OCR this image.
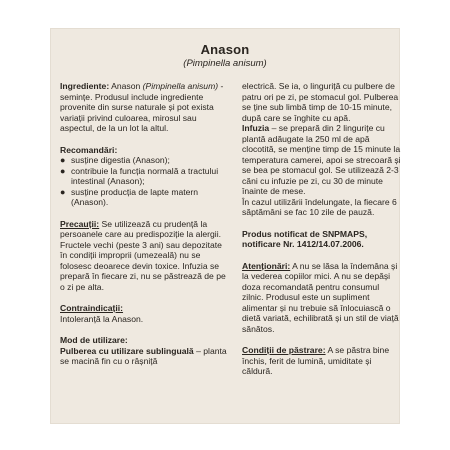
Anason
(Pimpinella anisum)

Ingrediente: Anason (Pimpinella anisum) - semințe. Produsul include ingrediente provenite din surse naturale și pot exista variații privind culoarea, mirosul sau aspectul, de la un lot la altul.

Recomandări:

● susține digestia (Anason);
● contribuie la funcția normală a tractului intestinal (Anason);
● susține producția de lapte matern (Anason).

Precauții: Se utilizează cu prudență la persoanele care au predispoziție la alergii. Fructele vechi (peste 3 ani) sau depozitate în condiții improprii (umezeală) nu se folosesc deoarece devin toxice. Infuzia se prepară în fiecare zi, nu se păstrează de pe o zi pe alta.

Contraindicații:

Intoleranță la Anason.

Mod de utilizare:

Pulberea cu utilizare sublinguală – planta se macină fin cu o râșniță

electrică. Se ia, o linguriță cu pulbere de patru ori pe zi, pe stomacul gol. Pulberea se ține sub limbă timp de 10-15 minute, după care se înghite cu apă.

Infuzia – se prepară din 2 lingurițe cu plantă adăugate la 250 ml de apă clocotită, se menține timp de 15 minute la temperatura camerei, apoi se strecoară și se bea pe stomacul gol. Se utilizează 2-3 căni cu infuzie pe zi, cu 30 de minute înainte de mese.

În cazul utilizării îndelungate, la fiecare 6 săptămâni se fac 10 zile de pauză.

Produs notificat de SNPMAPS, notificare Nr. 1412/14.07.2006.

Atenționări: A nu se lăsa la îndemâna și la vederea copiilor mici. A nu se depăși doza recomandată pentru consumul zilnic. Produsul este un supliment alimentar și nu trebuie să înlocuiască o dietă variată, echilibrată și un stil de viață sănătos.

Condiții de păstrare: A se păstra bine închis, ferit de lumină, umiditate și căldură.
